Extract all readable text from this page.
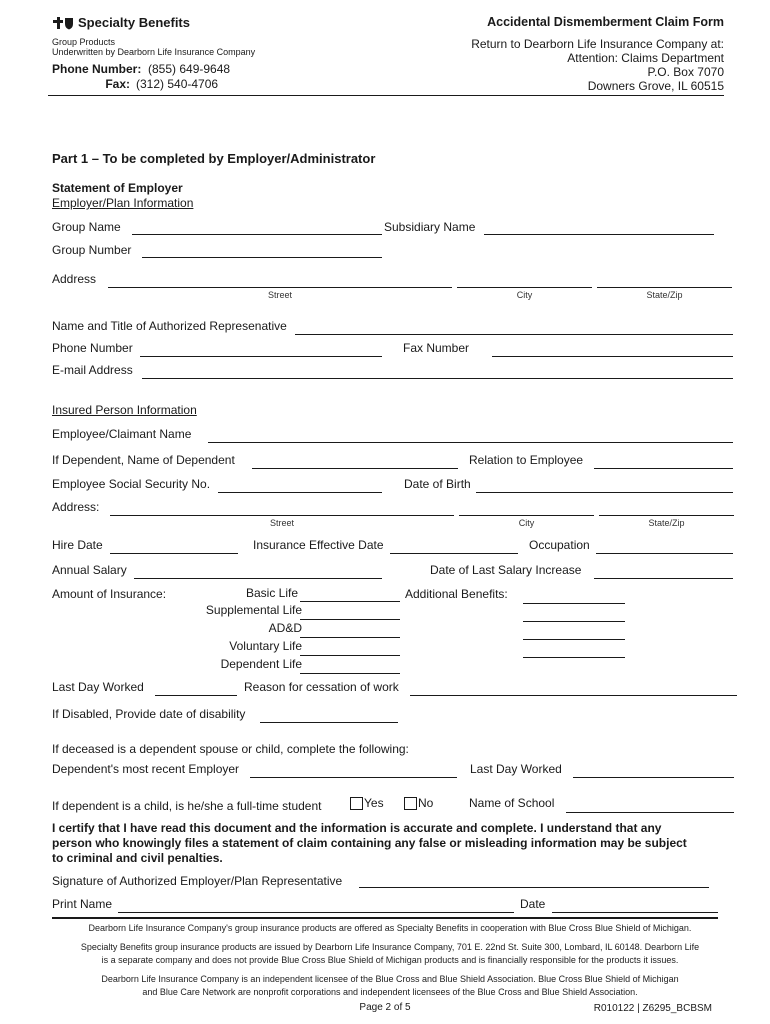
Specialty Benefits
Group Products
Underwritten by Dearborn Life Insurance Company
Phone Number: (855) 649-9648
Fax: (312) 540-4706
Accidental Dismemberment Claim Form
Return to Dearborn Life Insurance Company at:
Attention: Claims Department
P.O. Box 7070
Downers Grove, IL 60515
Part 1 – To be completed by Employer/Administrator
Statement of Employer
Employer/Plan Information
Group Name	Subsidiary Name
Group Number
Address
Street	City	State/Zip
Name and Title of Authorized Represenative
Phone Number	Fax Number
E-mail Address
Insured Person Information
Employee/Claimant Name
If Dependent, Name of Dependent	Relation to Employee
Employee Social Security No.	Date of Birth
Address:
Street	City	State/Zip
Hire Date	Insurance Effective Date	Occupation
Annual Salary	Date of Last Salary Increase
Amount of Insurance:	Basic Life
Supplemental Life
AD&D
Voluntary Life
Dependent Life
Additional Benefits:
Last Day Worked	Reason for cessation of work
If Disabled, Provide date of disability
If deceased is a dependent spouse or child, complete the following:
Dependent's most recent Employer	Last Day Worked
If dependent is a child, is he/she a full-time student	Yes	No	Name of School
I certify that I have read this document and the information is accurate and complete. I understand that any
person who knowingly files a statement of claim containing any false or misleading information may be subject
to criminal and civil penalties.
Signature of Authorized Employer/Plan Representative
Print Name	Date
Dearborn Life Insurance Company's group insurance products are offered as Specialty Benefits in cooperation with Blue Cross Blue Shield of Michigan.
Specialty Benefits group insurance products are issued by Dearborn Life Insurance Company, 701 E. 22nd St. Suite 300, Lombard, IL 60148. Dearborn Life
is a separate company and does not provide Blue Cross Blue Shield of Michigan products and is financially responsible for the products it issues.
Dearborn Life Insurance Company is an independent licensee of the Blue Cross and Blue Shield Association. Blue Cross Blue Shield of Michigan
and Blue Care Network are nonprofit corporations and independent licensees of the Blue Cross and Blue Shield Association.
Page 2 of 5	R010122 | Z6295_BCBSM
